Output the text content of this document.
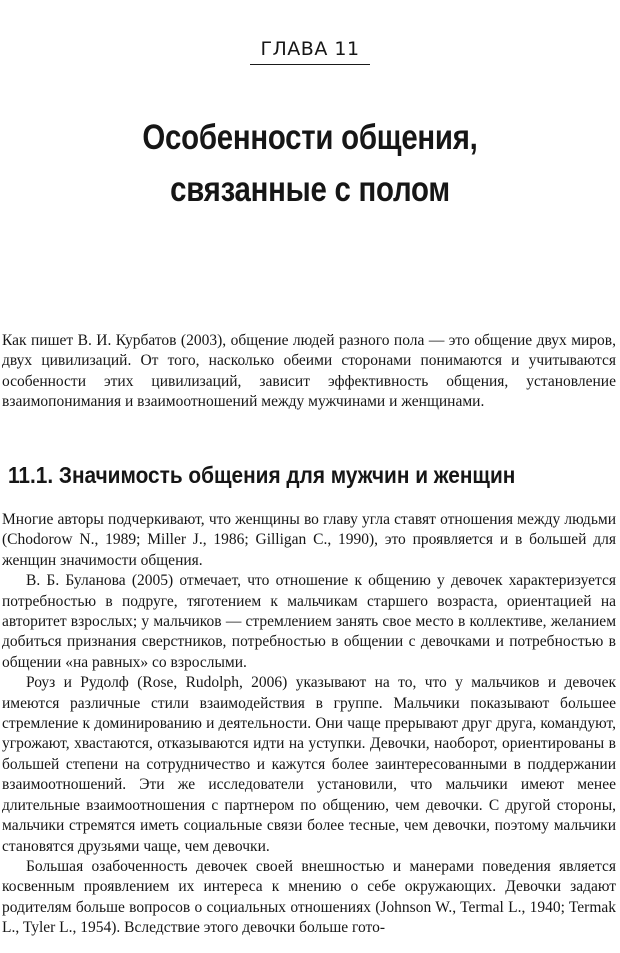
ГЛАВА 11
Особенности общения,
связанные с полом

Как пишет В. И. Курбатов (2003), общение людей разного пола — это общение двух миров, двух цивилизаций. От того, насколько обеими сторонами понимаются и учитываются особенности этих цивилизаций, зависит эффективность общения, установление взаимопонимания и взаимоотношений между мужчинами и женщинами.

11.1. Значимость общения для мужчин и женщин

Многие авторы подчеркивают, что женщины во главу угла ставят отношения между людьми (Chodorow N., 1989; Miller J., 1986; Gilligan C., 1990), это проявляется и в большей для женщин значимости общения.

В. Б. Буланова (2005) отмечает, что отношение к общению у девочек характеризуется потребностью в подруге, тяготением к мальчикам старшего возраста, ориентацией на авторитет взрослых; у мальчиков — стремлением занять свое место в коллективе, желанием добиться признания сверстников, потребностью в общении с девочками и потребностью в общении «на равных» со взрослыми.

Роуз и Рудолф (Rose, Rudolph, 2006) указывают на то, что у мальчиков и девочек имеются различные стили взаимодействия в группе. Мальчики показывают большее стремление к доминированию и деятельности. Они чаще прерывают друг друга, командуют, угрожают, хвастаются, отказываются идти на уступки. Девочки, наоборот, ориентированы в большей степени на сотрудничество и кажутся более заинтересованными в поддержании взаимоотношений. Эти же исследователи установили, что мальчики имеют менее длительные взаимоотношения с партнером по общению, чем девочки. С другой стороны, мальчики стремятся иметь социальные связи более тесные, чем девочки, поэтому мальчики становятся друзьями чаще, чем девочки.

Большая озабоченность девочек своей внешностью и манерами поведения является косвенным проявлением их интереса к мнению о себе окружающих. Девочки задают родителям больше вопросов о социальных отношениях (Johnson W., Termal L., 1940; Termak L., Tyler L., 1954). Вследствие этого девочки больше гото-
